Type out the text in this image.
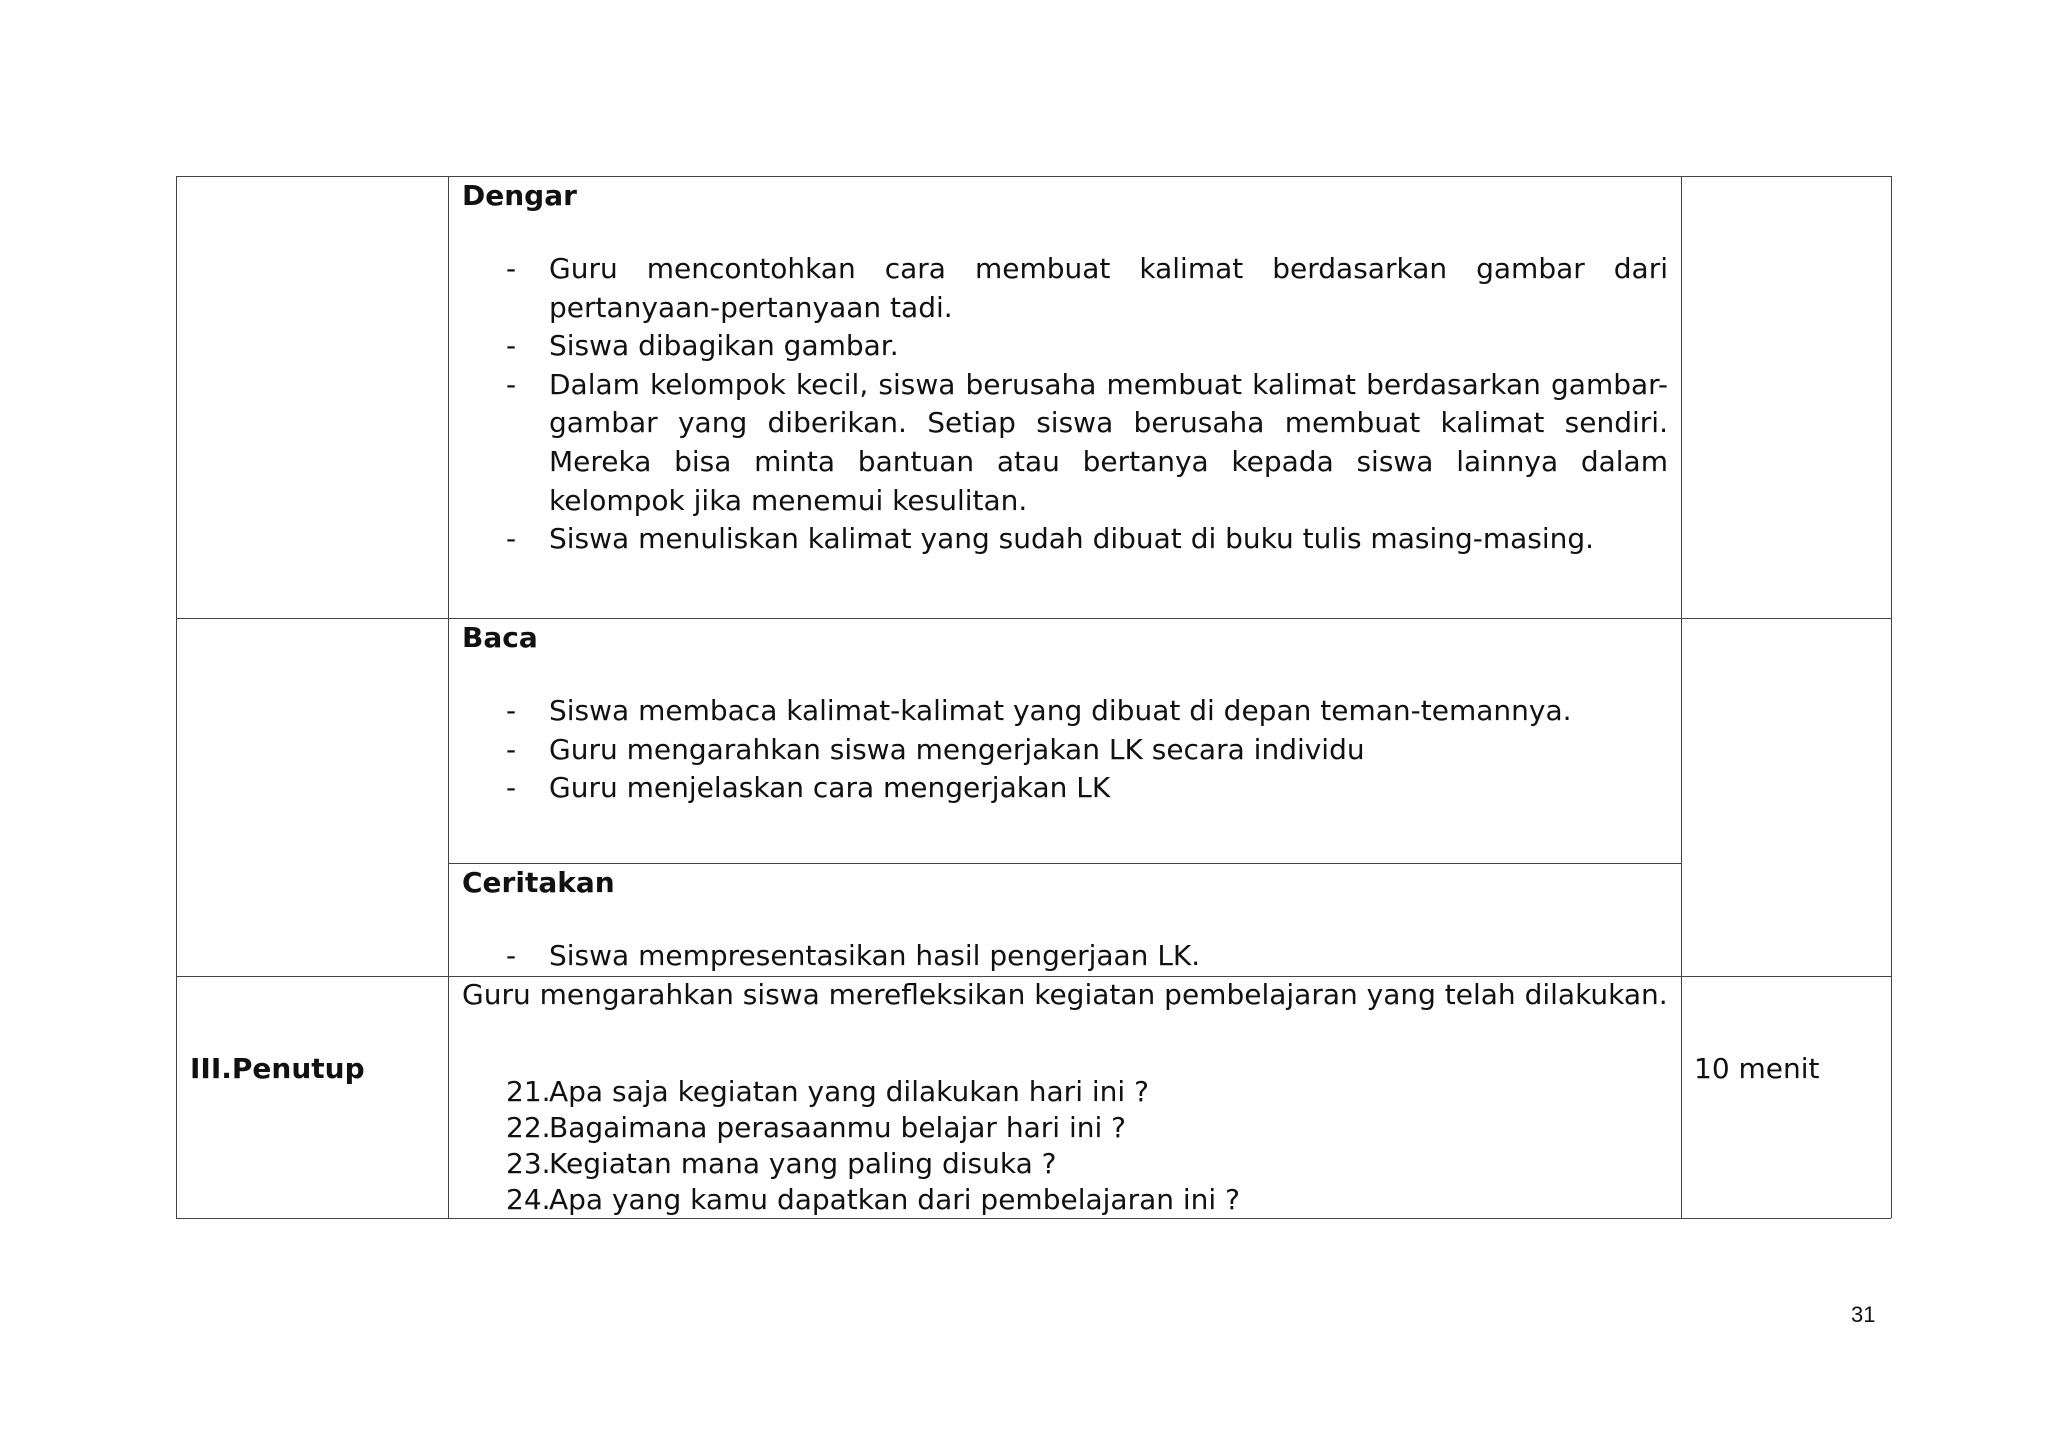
Dengar
- Guru mencontohkan cara membuat kalimat berdasarkan gambar dari pertanyaan-pertanyaan tadi.
- Siswa dibagikan gambar.
- Dalam kelompok kecil, siswa berusaha membuat kalimat berdasarkan gambar-gambar yang diberikan. Setiap siswa berusaha membuat kalimat sendiri. Mereka bisa minta bantuan atau bertanya kepada siswa lainnya dalam kelompok jika menemui kesulitan.
- Siswa menuliskan kalimat yang sudah dibuat di buku tulis masing-masing.
Baca
- Siswa membaca kalimat-kalimat yang dibuat di depan teman-temannya.
- Guru mengarahkan siswa mengerjakan LK secara individu
- Guru menjelaskan cara mengerjakan LK
Ceritakan
- Siswa mempresentasikan hasil pengerjaan LK.
III.Penutup
Guru mengarahkan siswa merefleksikan kegiatan pembelajaran yang telah dilakukan.
21.
Apa saja kegiatan yang dilakukan hari ini ?
22.
Bagaimana perasaanmu belajar hari ini ?
23.
Kegiatan mana yang paling disuka ?
24.
Apa yang kamu dapatkan dari pembelajaran ini ?
10 menit
31
